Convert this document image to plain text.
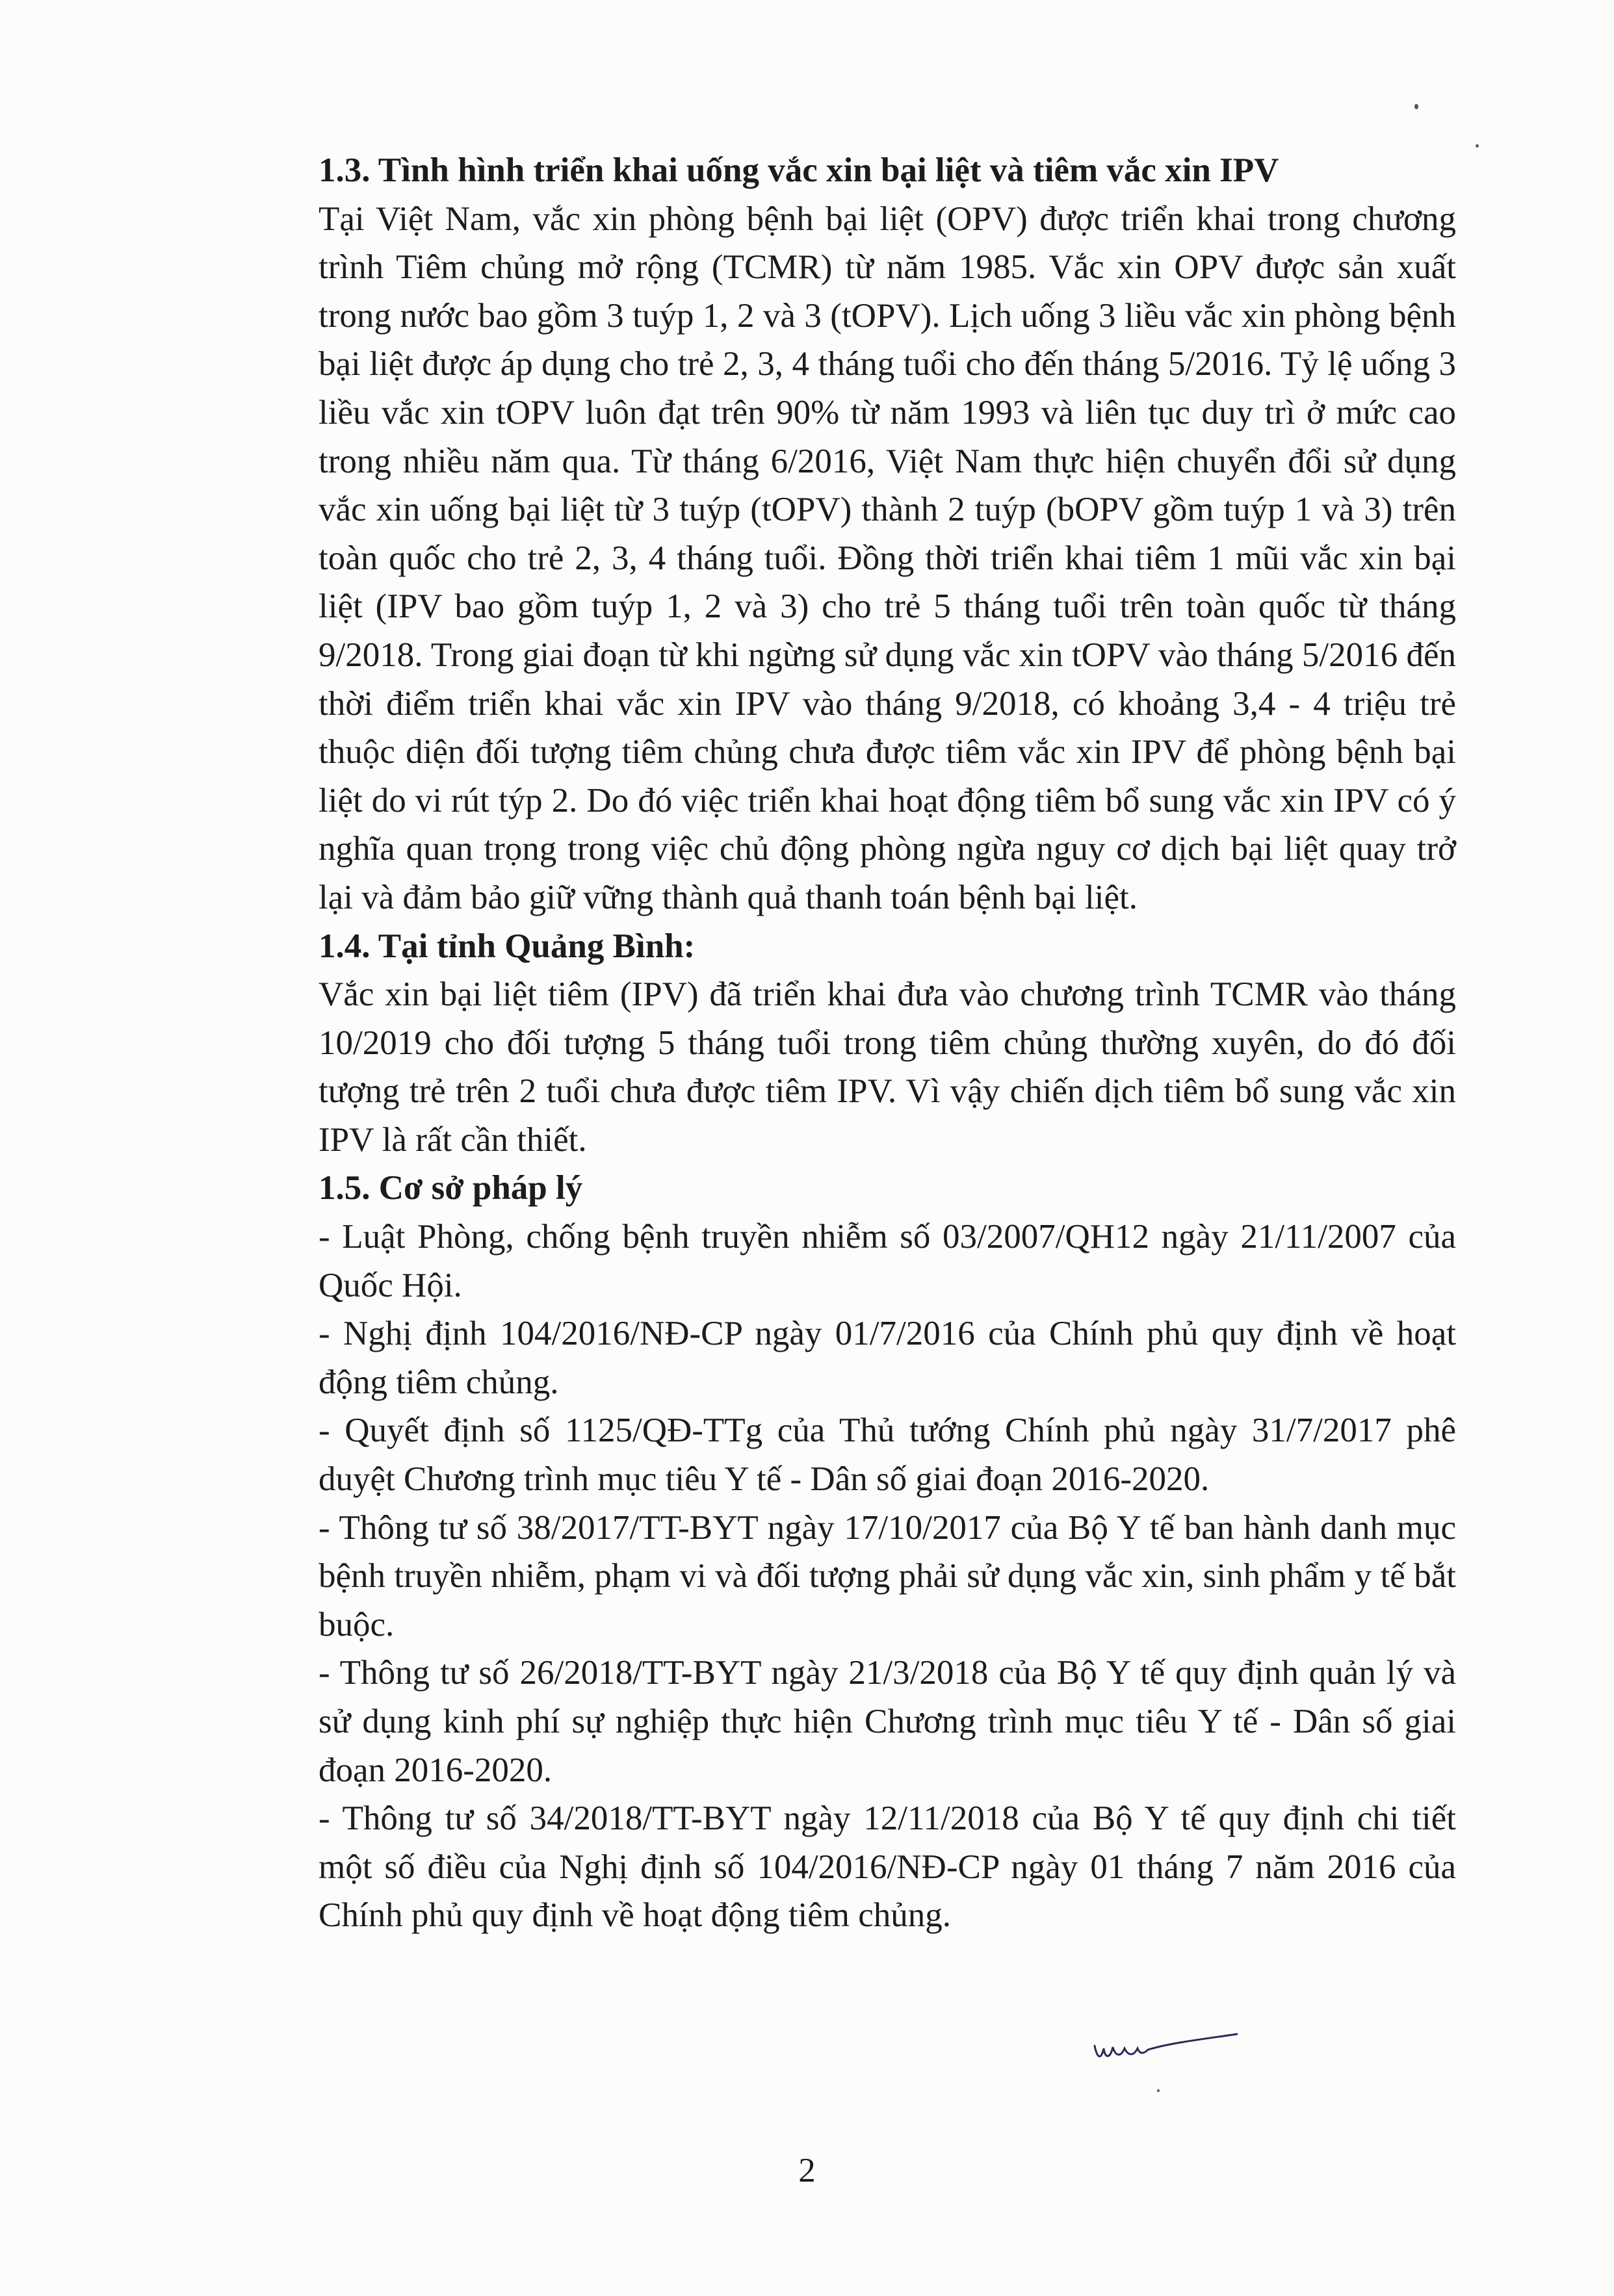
1.3. Tình hình triển khai uống vắc xin bại liệt và tiêm vắc xin IPV

Tại Việt Nam, vắc xin phòng bệnh bại liệt (OPV) được triển khai trong chương trình Tiêm chủng mở rộng (TCMR) từ năm 1985. Vắc xin OPV được sản xuất trong nước bao gồm 3 tuýp 1, 2 và 3 (tOPV). Lịch uống 3 liều vắc xin phòng bệnh bại liệt được áp dụng cho trẻ 2, 3, 4 tháng tuổi cho đến tháng 5/2016. Tỷ lệ uống 3 liều vắc xin tOPV luôn đạt trên 90% từ năm 1993 và liên tục duy trì ở mức cao trong nhiều năm qua. Từ tháng 6/2016, Việt Nam thực hiện chuyển đổi sử dụng vắc xin uống bại liệt từ 3 tuýp (tOPV) thành 2 tuýp (bOPV gồm tuýp 1 và 3) trên toàn quốc cho trẻ 2, 3, 4 tháng tuổi. Đồng thời triển khai tiêm 1 mũi vắc xin bại liệt (IPV bao gồm tuýp 1, 2 và 3) cho trẻ 5 tháng tuổi trên toàn quốc từ tháng 9/2018. Trong giai đoạn từ khi ngừng sử dụng vắc xin tOPV vào tháng 5/2016 đến thời điểm triển khai vắc xin IPV vào tháng 9/2018, có khoảng 3,4 - 4 triệu trẻ thuộc diện đối tượng tiêm chủng chưa được tiêm vắc xin IPV để phòng bệnh bại liệt do vi rút týp 2. Do đó việc triển khai hoạt động tiêm bổ sung vắc xin IPV có ý nghĩa quan trọng trong việc chủ động phòng ngừa nguy cơ dịch bại liệt quay trở lại và đảm bảo giữ vững thành quả thanh toán bệnh bại liệt.

1.4. Tại tỉnh Quảng Bình:

Vắc xin bại liệt tiêm (IPV) đã triển khai đưa vào chương trình TCMR vào tháng 10/2019 cho đối tượng 5 tháng tuổi trong tiêm chủng thường xuyên, do đó đối tượng trẻ trên 2 tuổi chưa được tiêm IPV. Vì vậy chiến dịch tiêm bổ sung vắc xin IPV là rất cần thiết.

1.5. Cơ sở pháp lý

- Luật Phòng, chống bệnh truyền nhiễm số 03/2007/QH12 ngày 21/11/2007 của Quốc Hội.

- Nghị định 104/2016/NĐ-CP ngày 01/7/2016 của Chính phủ quy định về hoạt động tiêm chủng.

- Quyết định số 1125/QĐ-TTg của Thủ tướng Chính phủ ngày 31/7/2017 phê duyệt Chương trình mục tiêu Y tế - Dân số giai đoạn 2016-2020.

- Thông tư số 38/2017/TT-BYT ngày 17/10/2017 của Bộ Y tế ban hành danh mục bệnh truyền nhiễm, phạm vi và đối tượng phải sử dụng vắc xin, sinh phẩm y tế bắt buộc.

- Thông tư số 26/2018/TT-BYT ngày 21/3/2018 của Bộ Y tế quy định quản lý và sử dụng kinh phí sự nghiệp thực hiện Chương trình mục tiêu Y tế - Dân số giai đoạn 2016-2020.

- Thông tư số 34/2018/TT-BYT ngày 12/11/2018 của Bộ Y tế quy định chi tiết một số điều của Nghị định số 104/2016/NĐ-CP ngày 01 tháng 7 năm 2016 của Chính phủ quy định về hoạt động tiêm chủng.

2
